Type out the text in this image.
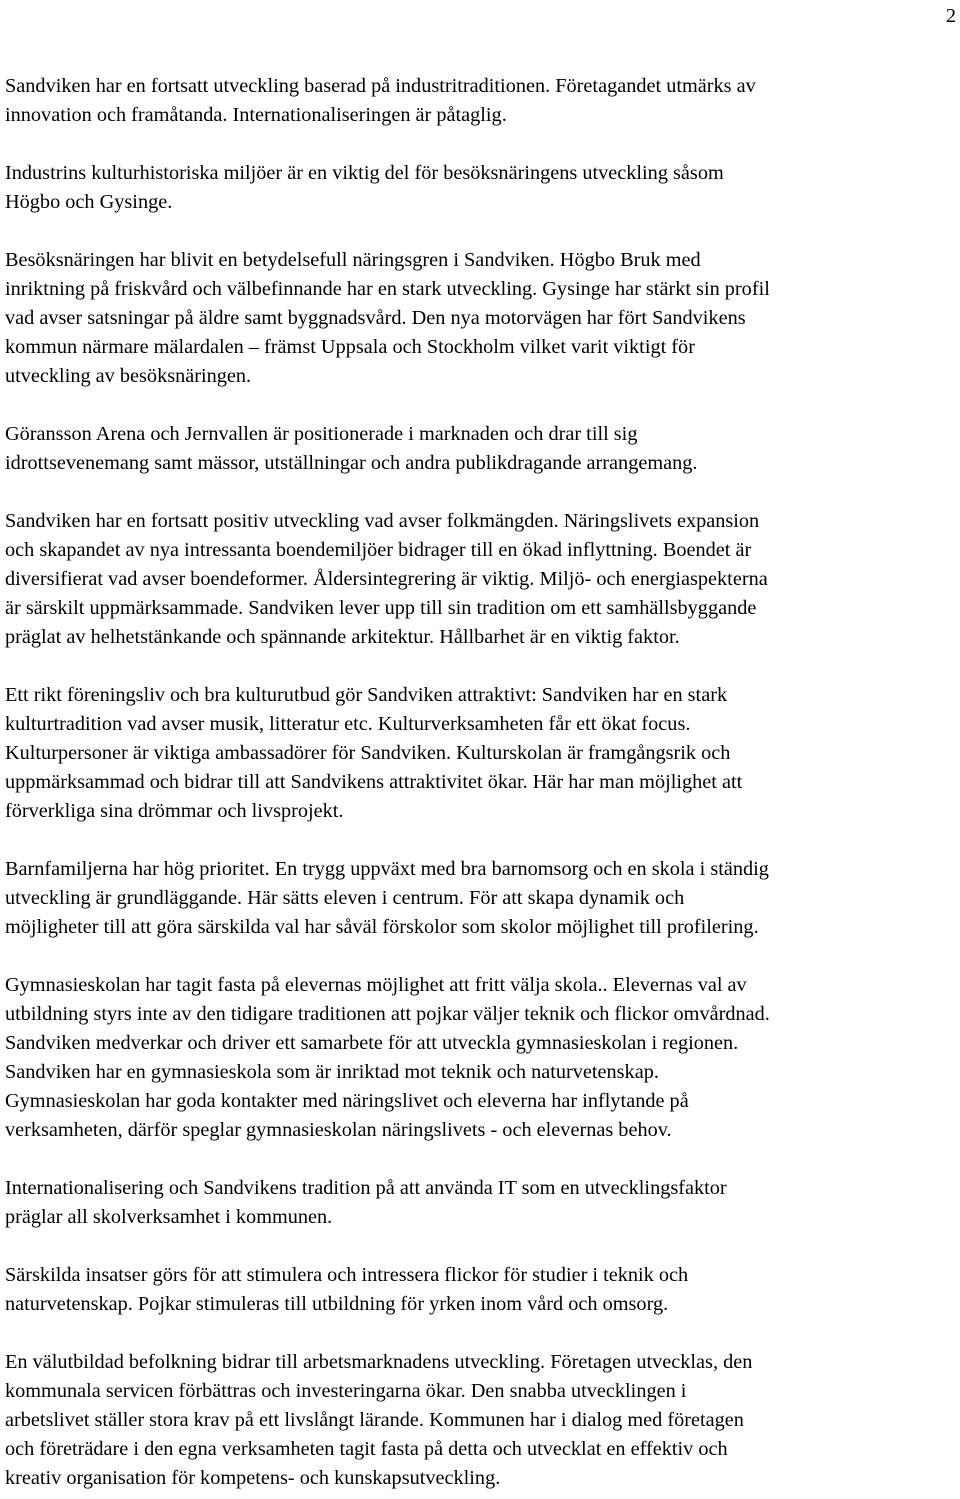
2

Sandviken har en fortsatt utveckling baserad på industritraditionen. Företagandet utmärks av
innovation och framåtanda. Internationaliseringen är påtaglig.

Industrins kulturhistoriska miljöer är en viktig del för besöksnäringens utveckling såsom
Högbo och Gysinge.

Besöksnäringen har blivit en betydelsefull näringsgren i Sandviken. Högbo Bruk med
inriktning på friskvård och välbefinnande har en stark utveckling. Gysinge har stärkt sin profil
vad avser satsningar på äldre samt byggnadsvård. Den nya motorvägen har fört Sandvikens
kommun närmare mälardalen – främst Uppsala och Stockholm vilket varit viktigt för
utveckling av besöksnäringen.

Göransson Arena och Jernvallen är positionerade i marknaden och drar till sig
idrottsevenemang samt mässor, utställningar och andra publikdragande arrangemang.

Sandviken har en fortsatt positiv utveckling vad avser folkmängden. Näringslivets expansion
och skapandet av nya intressanta boendemiljöer bidrager till en ökad inflyttning. Boendet är
diversifierat vad avser boendeformer. Åldersintegrering är viktig. Miljö- och energiaspekterna
är särskilt uppmärksammade. Sandviken lever upp till sin tradition om ett samhällsbyggande
präglat av helhetstänkande och spännande arkitektur. Hållbarhet är en viktig faktor.

Ett rikt föreningsliv och bra kulturutbud gör Sandviken attraktivt: Sandviken har en stark
kulturtradition vad avser musik, litteratur etc. Kulturverksamheten får ett ökat focus.
Kulturpersoner är viktiga ambassadörer för Sandviken. Kulturskolan är framgångsrik och
uppmärksammad och bidrar till att Sandvikens attraktivitet ökar. Här har man möjlighet att
förverkliga sina drömmar och livsprojekt.

Barnfamiljerna har hög prioritet. En trygg uppväxt med bra barnomsorg och en skola i ständig
utveckling är grundläggande. Här sätts eleven i centrum. För att skapa dynamik och
möjligheter till att göra särskilda val har såväl förskolor som skolor möjlighet till profilering.

Gymnasieskolan har tagit fasta på elevernas möjlighet att fritt välja skola.. Elevernas val av
utbildning styrs inte av den tidigare traditionen att pojkar väljer teknik och flickor omvårdnad.
Sandviken medverkar och driver ett samarbete för att utveckla gymnasieskolan i regionen.
Sandviken har en gymnasieskola som är inriktad mot teknik och naturvetenskap.
Gymnasieskolan har goda kontakter med näringslivet och eleverna har inflytande på
verksamheten, därför speglar gymnasieskolan näringslivets - och elevernas behov.

Internationalisering och Sandvikens tradition på att använda IT som en utvecklingsfaktor
präglar all skolverksamhet i kommunen.

Särskilda insatser görs för att stimulera och intressera flickor för studier i teknik och
naturvetenskap. Pojkar stimuleras till utbildning för yrken inom vård och omsorg.

En välutbildad befolkning bidrar till arbetsmarknadens utveckling. Företagen utvecklas, den
kommunala servicen förbättras och investeringarna ökar. Den snabba utvecklingen i
arbetslivet ställer stora krav på ett livslångt lärande. Kommunen har i dialog med företagen
och företrädare i den egna verksamheten tagit fasta på detta och utvecklat en effektiv och
kreativ organisation för kompetens- och kunskapsutveckling.
